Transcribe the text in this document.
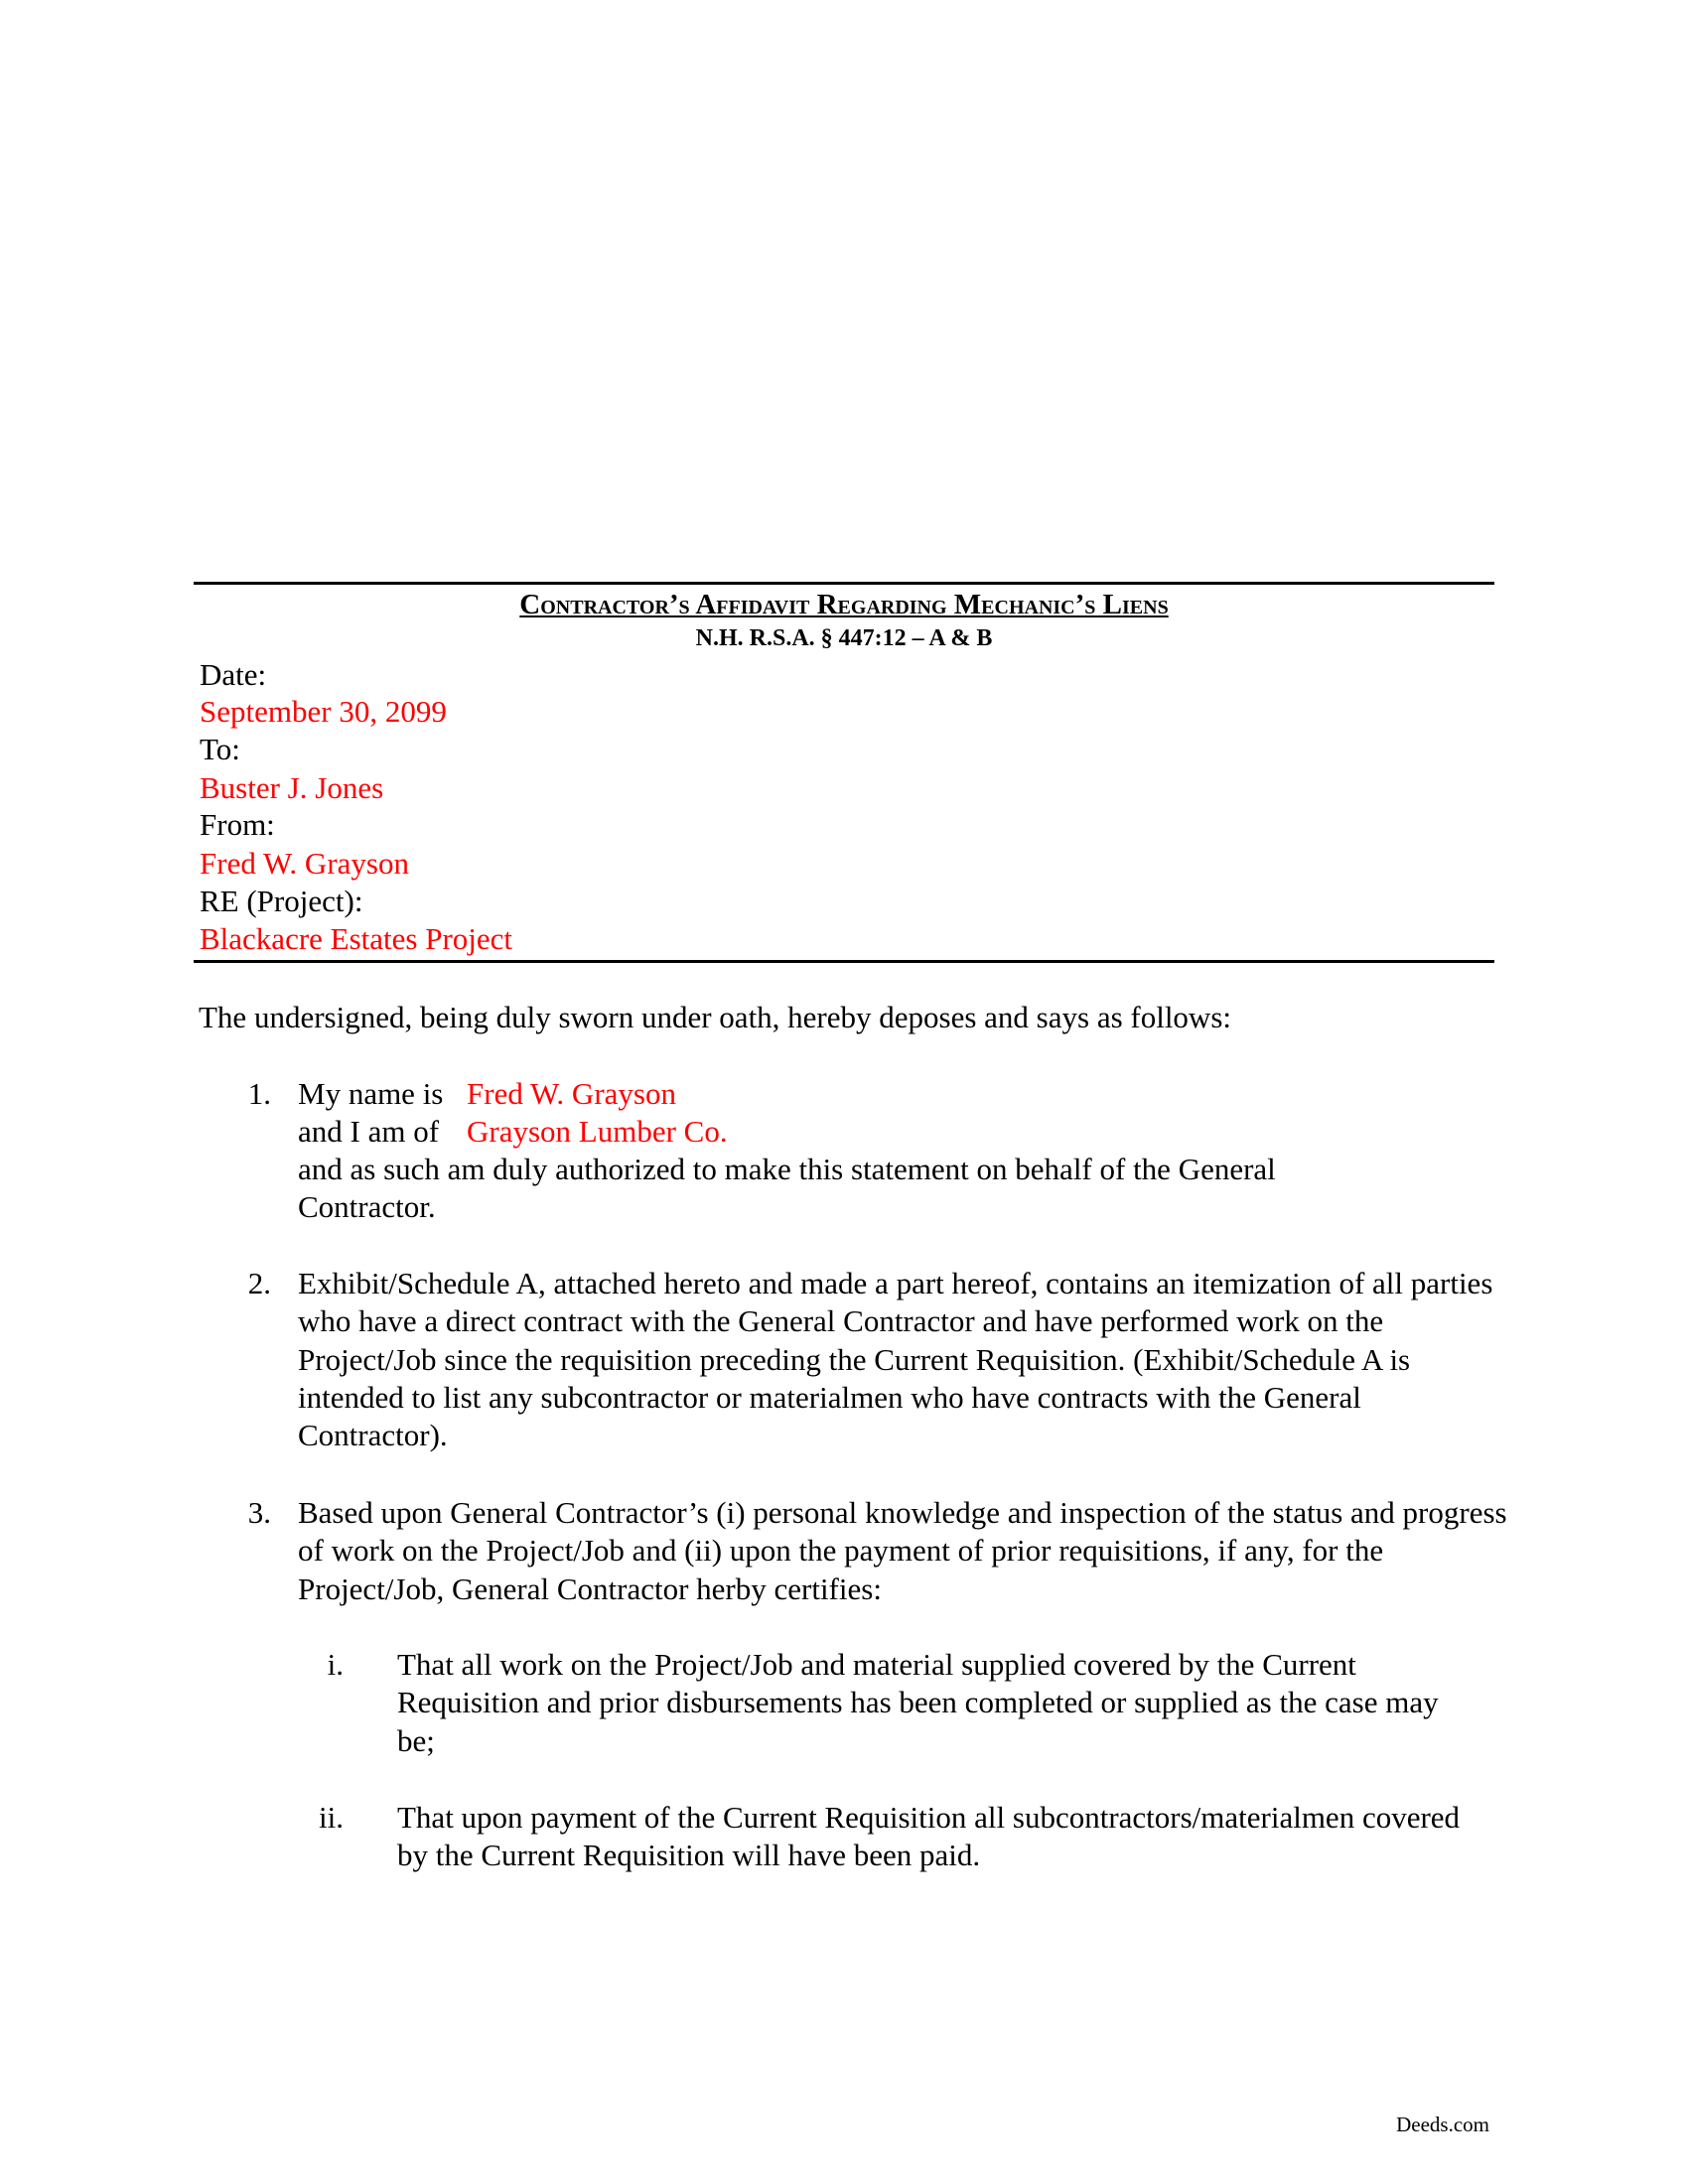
Contractor’s Affidavit Regarding Mechanic’s Liens
N.H. R.S.A. § 447:12 – A & B
Date:
September 30, 2099
To:
Buster J. Jones
From:
Fred W. Grayson
RE (Project):
Blackacre Estates Project
The undersigned, being duly sworn under oath, hereby deposes and says as follows:
1. My name is Fred W. Grayson
and I am of Grayson Lumber Co.
and as such am duly authorized to make this statement on behalf of the General Contractor.
2. Exhibit/Schedule A, attached hereto and made a part hereof, contains an itemization of all parties who have a direct contract with the General Contractor and have performed work on the Project/Job since the requisition preceding the Current Requisition. (Exhibit/Schedule A is intended to list any subcontractor or materialmen who have contracts with the General Contractor).
3. Based upon General Contractor’s (i) personal knowledge and inspection of the status and progress of work on the Project/Job and (ii) upon the payment of prior requisitions, if any, for the Project/Job, General Contractor herby certifies:
i. That all work on the Project/Job and material supplied covered by the Current Requisition and prior disbursements has been completed or supplied as the case may be;
ii. That upon payment of the Current Requisition all subcontractors/materialmen covered by the Current Requisition will have been paid.
Deeds.com
